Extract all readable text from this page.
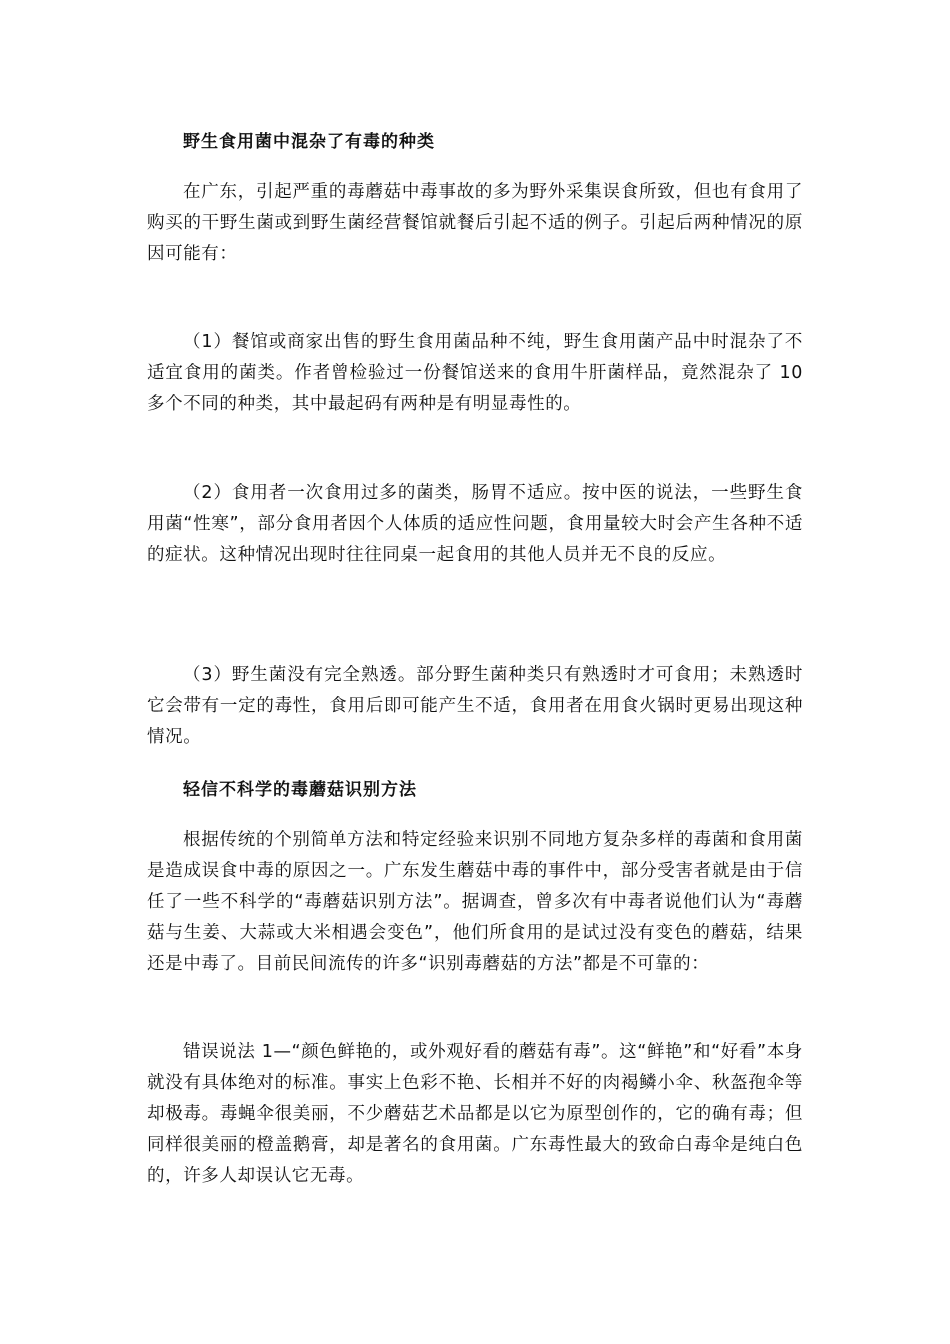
野生食用菌中混杂了有毒的种类
在广东，引起严重的毒蘑菇中毒事故的多为野外采集误食所致，但也有食用了购买的干野生菌或到野生菌经营餐馆就餐后引起不适的例子。引起后两种情况的原因可能有：
（1）餐馆或商家出售的野生食用菌品种不纯，野生食用菌产品中时混杂了不适宜食用的菌类。作者曾检验过一份餐馆送来的食用牛肝菌样品，竟然混杂了 10 多个不同的种类，其中最起码有两种是有明显毒性的。
（2）食用者一次食用过多的菌类，肠胃不适应。按中医的说法，一些野生食用菌“性寒”，部分食用者因个人体质的适应性问题，食用量较大时会产生各种不适的症状。这种情况出现时往往同桌一起食用的其他人员并无不良的反应。
（3）野生菌没有完全熟透。部分野生菌种类只有熟透时才可食用；未熟透时它会带有一定的毒性，食用后即可能产生不适，食用者在用食火锅时更易出现这种情况。
轻信不科学的毒蘑菇识别方法
根据传统的个别简单方法和特定经验来识别不同地方复杂多样的毒菌和食用菌是造成误食中毒的原因之一。广东发生蘑菇中毒的事件中，部分受害者就是由于信任了一些不科学的“毒蘑菇识别方法”。据调查，曾多次有中毒者说他们认为“毒蘑菇与生姜、大蒜或大米相遇会变色”，他们所食用的是试过没有变色的蘑菇，结果还是中毒了。目前民间流传的许多“识别毒蘑菇的方法”都是不可靠的：
错误说法 1—“颜色鲜艳的，或外观好看的蘑菇有毒”。这“鲜艳”和“好看”本身就没有具体绝对的标准。事实上色彩不艳、长相并不好的肉褐鳞小伞、秋盔孢伞等却极毒。毒蝇伞很美丽，不少蘑菇艺术品都是以它为原型创作的，它的确有毒；但同样很美丽的橙盖鹅膏，却是著名的食用菌。广东毒性最大的致命白毒伞是纯白色的，许多人却误认它无毒。
